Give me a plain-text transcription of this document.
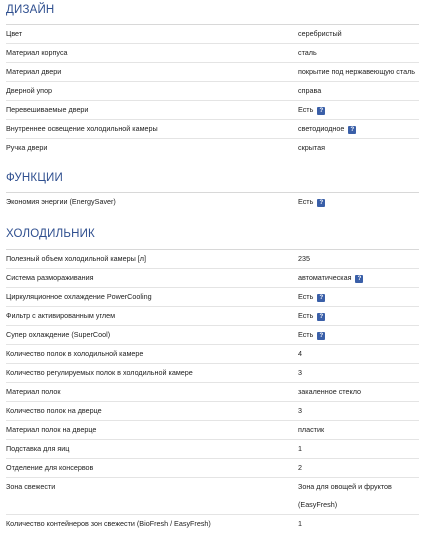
ДИЗАЙН
Цвет	серебристый
Материал корпуса	сталь
Материал двери	покрытие под нержавеющую сталь
Дверной упор	справа
Перевешиваемые двери	Есть ?
Внутреннее освещение холодильной камеры	светодиодное ?
Ручка двери	скрытая
ФУНКЦИИ
Экономия энергии (EnergySaver)	Есть ?
ХОЛОДИЛЬНИК
Полезный объем холодильной камеры [л]	235
Система размораживания	автоматическая ?
Циркуляционное охлаждение PowerCooling	Есть ?
Фильтр с активированным углем	Есть ?
Супер охлаждение (SuperCool)	Есть ?
Количество полок в холодильной камере	4
Количество регулируемых полок в холодильной камере	3
Материал полок	закаленное стекло
Количество полок на дверце	3
Материал полок на дверце	пластик
Подставка для яиц	1
Отделение для консервов	2
Зона свежести	Зона для овощей и фруктов
(EasyFresh)
Количество контейнеров зон свежести (BioFresh / EasyFresh)	1
